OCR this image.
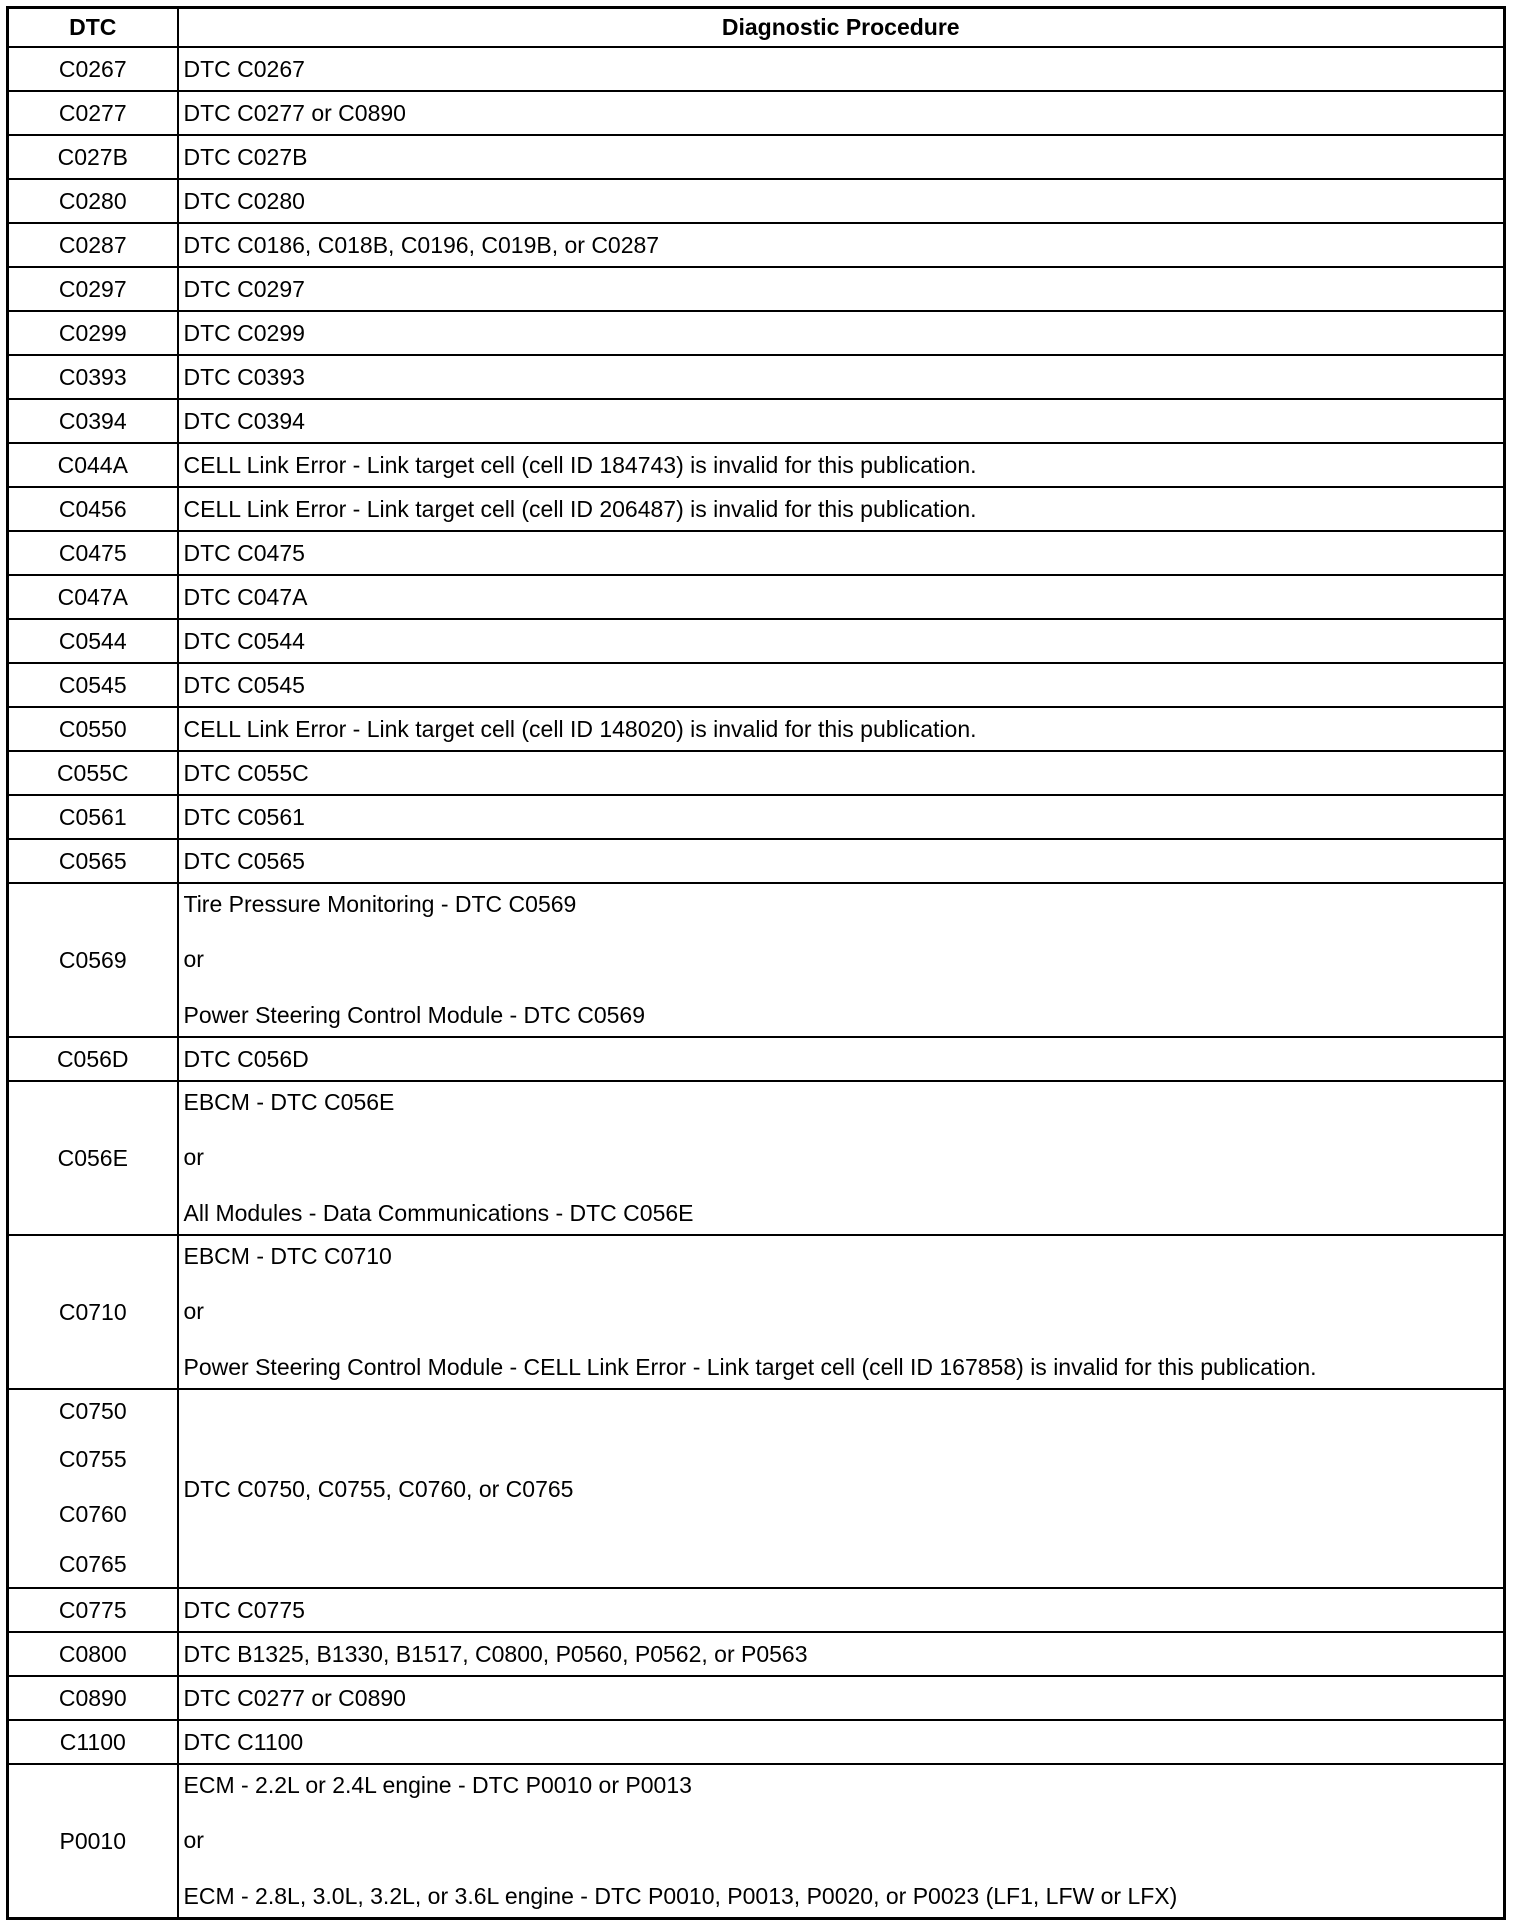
DTC	Diagnostic Procedure

C0267	DTC C0267

C0277	DTC C0277 or C0890

C027B	DTC C027B

C0280	DTC C0280

C0287	DTC C0186, C018B, C0196, C019B, or C0287

C0297	DTC C0297

C0299	DTC C0299

C0393	DTC C0393

C0394	DTC C0394

C044A	CELL Link Error - Link target cell (cell ID 184743) is invalid for this publication.

C0456	CELL Link Error - Link target cell (cell ID 206487) is invalid for this publication.

C0475	DTC C0475

C047A	DTC C047A

C0544	DTC C0544

C0545	DTC C0545

C0550	CELL Link Error - Link target cell (cell ID 148020) is invalid for this publication.

C055C	DTC C055C

C0561	DTC C0561

C0565	DTC C0565

C0569	Tire Pressure Monitoring - DTC C0569
or
Power Steering Control Module - DTC C0569

C056D	DTC C056D

C056E	EBCM - DTC C056E
or
All Modules - Data Communications - DTC C056E

C0710	EBCM - DTC C0710
or
Power Steering Control Module - CELL Link Error - Link target cell (cell ID 167858) is invalid for this publication.

C0750
C0755
C0760
C0765	DTC C0750, C0755, C0760, or C0765

C0775	DTC C0775

C0800	DTC B1325, B1330, B1517, C0800, P0560, P0562, or P0563

C0890	DTC C0277 or C0890

C1100	DTC C1100

P0010	ECM - 2.2L or 2.4L engine - DTC P0010 or P0013
or
ECM - 2.8L, 3.0L, 3.2L, or 3.6L engine - DTC P0010, P0013, P0020, or P0023 (LF1, LFW or LFX)
